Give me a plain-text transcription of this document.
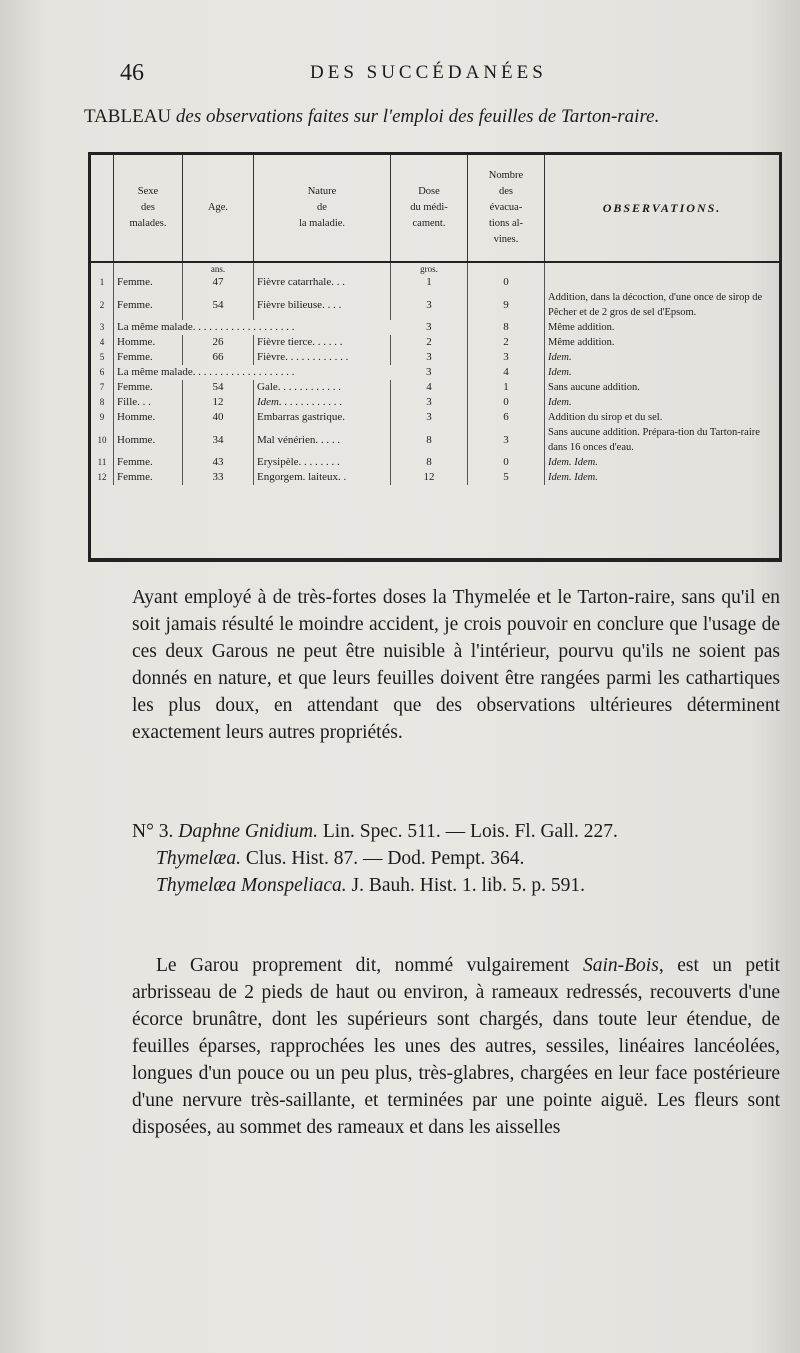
46	DES SUCCÉDANÉES
TABLEAU des observations faites sur l'emploi des feuilles de Tarton-raire.
	Sexe
des
malades.	Age.	Nature
de
la maladie.	Dose
du médi-
cament.	Nombre
des
évacua-
tions al-
vines.	OBSERVATIONS.
		ans.		gros.		
1	Femme.	47	Fièvre catarrhale. . .	1	0	
2	Femme.	54	Fièvre bilieuse. . . .	3	9	Addition, dans la décoction, d'une once de sirop de Pêcher et de 2 gros de sel d'Epsom.
3	La même malade. . . . . . . . . . . . . . . . . . .			3	8	Même addition.
4	Homme.	26	Fièvre tierce. . . . . .	2	2	Même addition.
5	Femme.	66	Fièvre. . . . . . . . . . . .	3	3	Idem.
6	La même malade. . . . . . . . . . . . . . . . . . .			3	4	Idem.
7	Femme.	54	Gale. . . . . . . . . . . .	4	1	Sans aucune addition.
8	Fille. . .	12	Idem. . . . . . . . . . . .	3	0	Idem.
9	Homme.	40	Embarras gastrique.	3	6	Addition du sirop et du sel.
10	Homme.	34	Mal vénérien. . . . .	8	3	Sans aucune addition. Prépara-tion du Tarton-raire dans 16 onces d'eau.
11	Femme.	43	Erysipèle. . . . . . . .	8	0	Idem. Idem.
12	Femme.	33	Engorgem. laiteux. .	12	5	Idem. Idem.
Ayant employé à de très-fortes doses la Thymelée et le Tarton-raire, sans qu'il en soit jamais résulté le moindre accident, je crois pouvoir en conclure que l'usage de ces deux Garous ne peut être nuisible à l'intérieur, pourvu qu'ils ne soient pas donnés en nature, et que leurs feuilles doivent être rangées parmi les cathartiques les plus doux, en attendant que des observations ultérieures déterminent exactement leurs autres propriétés.
N° 3. Daphne Gnidium. Lin. Spec. 511. — Lois. Fl. Gall. 227.
Thymelæa. Clus. Hist. 87. — Dod. Pempt. 364.
Thymelæa Monspeliaca. J. Bauh. Hist. 1. lib. 5. p. 591.
Le Garou proprement dit, nommé vulgairement Sain-Bois, est un petit arbrisseau de 2 pieds de haut ou environ, à rameaux redressés, recouverts d'une écorce brunâtre, dont les supérieurs sont chargés, dans toute leur étendue, de feuilles éparses, rapprochées les unes des autres, sessiles, linéaires lancéolées, longues d'un pouce ou un peu plus, très-glabres, chargées en leur face postérieure d'une nervure très-saillante, et terminées par une pointe aiguë. Les fleurs sont disposées, au sommet des rameaux et dans les aisselles
